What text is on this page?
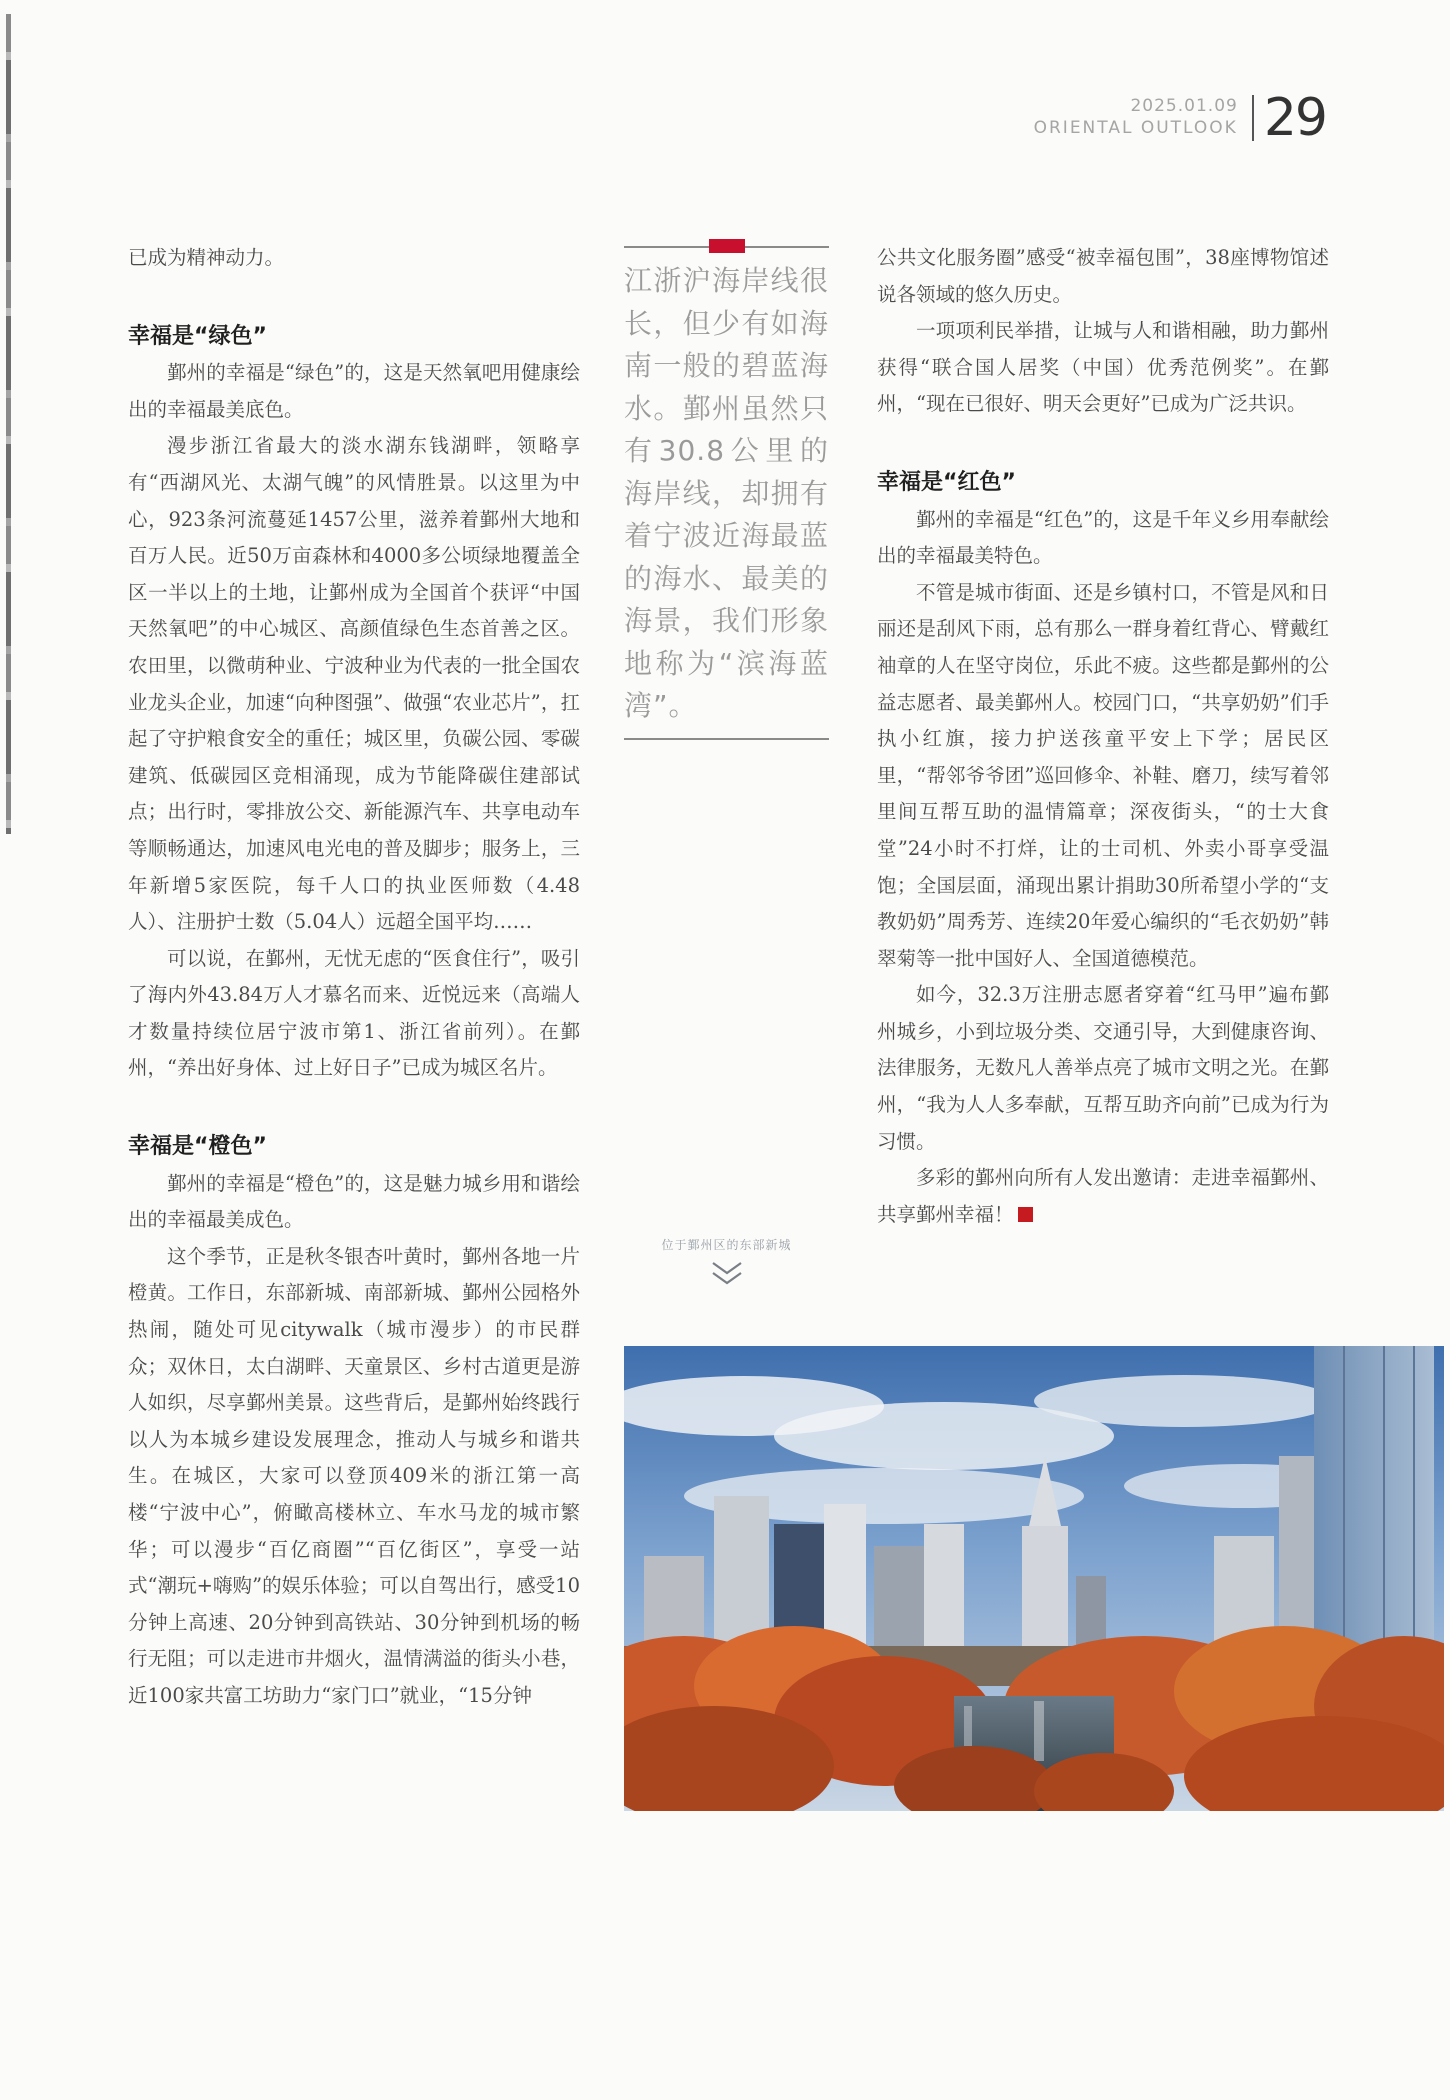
2025.01.09
ORIENTAL OUTLOOK 29

已成为精神动力。

幸福是“绿色”

鄞州的幸福是“绿色”的，这是天然氧吧用健康绘出的幸福最美底色。

漫步浙江省最大的淡水湖东钱湖畔，领略享有“西湖风光、太湖气魄”的风情胜景。以这里为中心，923条河流蔓延1457公里，滋养着鄞州大地和百万人民。近50万亩森林和4000多公顷绿地覆盖全区一半以上的土地，让鄞州成为全国首个获评“中国天然氧吧”的中心城区、高颜值绿色生态首善之区。农田里，以微萌种业、宁波种业为代表的一批全国农业龙头企业，加速“向种图强”、做强“农业芯片”，扛起了守护粮食安全的重任；城区里，负碳公园、零碳建筑、低碳园区竞相涌现，成为节能降碳住建部试点；出行时，零排放公交、新能源汽车、共享电动车等顺畅通达，加速风电光电的普及脚步；服务上，三年新增5家医院，每千人口的执业医师数（4.48人）、注册护士数（5.04人）远超全国平均……

可以说，在鄞州，无忧无虑的“医食住行”，吸引了海内外43.84万人才慕名而来、近悦远来（高端人才数量持续位居宁波市第1、浙江省前列）。在鄞州，“养出好身体、过上好日子”已成为城区名片。

幸福是“橙色”

鄞州的幸福是“橙色”的，这是魅力城乡用和谐绘出的幸福最美成色。

这个季节，正是秋冬银杏叶黄时，鄞州各地一片橙黄。工作日，东部新城、南部新城、鄞州公园格外热闹，随处可见citywalk（城市漫步）的市民群众；双休日，太白湖畔、天童景区、乡村古道更是游人如织，尽享鄞州美景。这些背后，是鄞州始终践行以人为本城乡建设发展理念，推动人与城乡和谐共生。在城区，大家可以登顶409米的浙江第一高楼“宁波中心”，俯瞰高楼林立、车水马龙的城市繁华；可以漫步“百亿商圈”“百亿街区”，享受一站式“潮玩+嗨购”的娱乐体验；可以自驾出行，感受10分钟上高速、20分钟到高铁站、30分钟到机场的畅行无阻；可以走进市井烟火，温情满溢的街头小巷，近100家共富工坊助力“家门口”就业，“15分钟

江浙沪海岸线很长，但少有如海南一般的碧蓝海水。鄞州虽然只有30.8公里的海岸线，却拥有着宁波近海最蓝的海水、最美的海景，我们形象地称为“滨海蓝湾”。

位于鄞州区的东部新城

公共文化服务圈”感受“被幸福包围”，38座博物馆述说各领域的悠久历史。

一项项利民举措，让城与人和谐相融，助力鄞州获得“联合国人居奖（中国）优秀范例奖”。在鄞州，“现在已很好、明天会更好”已成为广泛共识。

幸福是“红色”

鄞州的幸福是“红色”的，这是千年义乡用奉献绘出的幸福最美特色。

不管是城市街面、还是乡镇村口，不管是风和日丽还是刮风下雨，总有那么一群身着红背心、臂戴红袖章的人在坚守岗位，乐此不疲。这些都是鄞州的公益志愿者、最美鄞州人。校园门口，“共享奶奶”们手执小红旗，接力护送孩童平安上下学；居民区里，“帮邻爷爷团”巡回修伞、补鞋、磨刀，续写着邻里间互帮互助的温情篇章；深夜街头，“的士大食堂”24小时不打烊，让的士司机、外卖小哥享受温饱；全国层面，涌现出累计捐助30所希望小学的“支教奶奶”周秀芳、连续20年爱心编织的“毛衣奶奶”韩翠菊等一批中国好人、全国道德模范。

如今，32.3万注册志愿者穿着“红马甲”遍布鄞州城乡，小到垃圾分类、交通引导，大到健康咨询、法律服务，无数凡人善举点亮了城市文明之光。在鄞州，“我为人人多奉献，互帮互助齐向前”已成为行为习惯。

多彩的鄞州向所有人发出邀请：走进幸福鄞州、共享鄞州幸福！
